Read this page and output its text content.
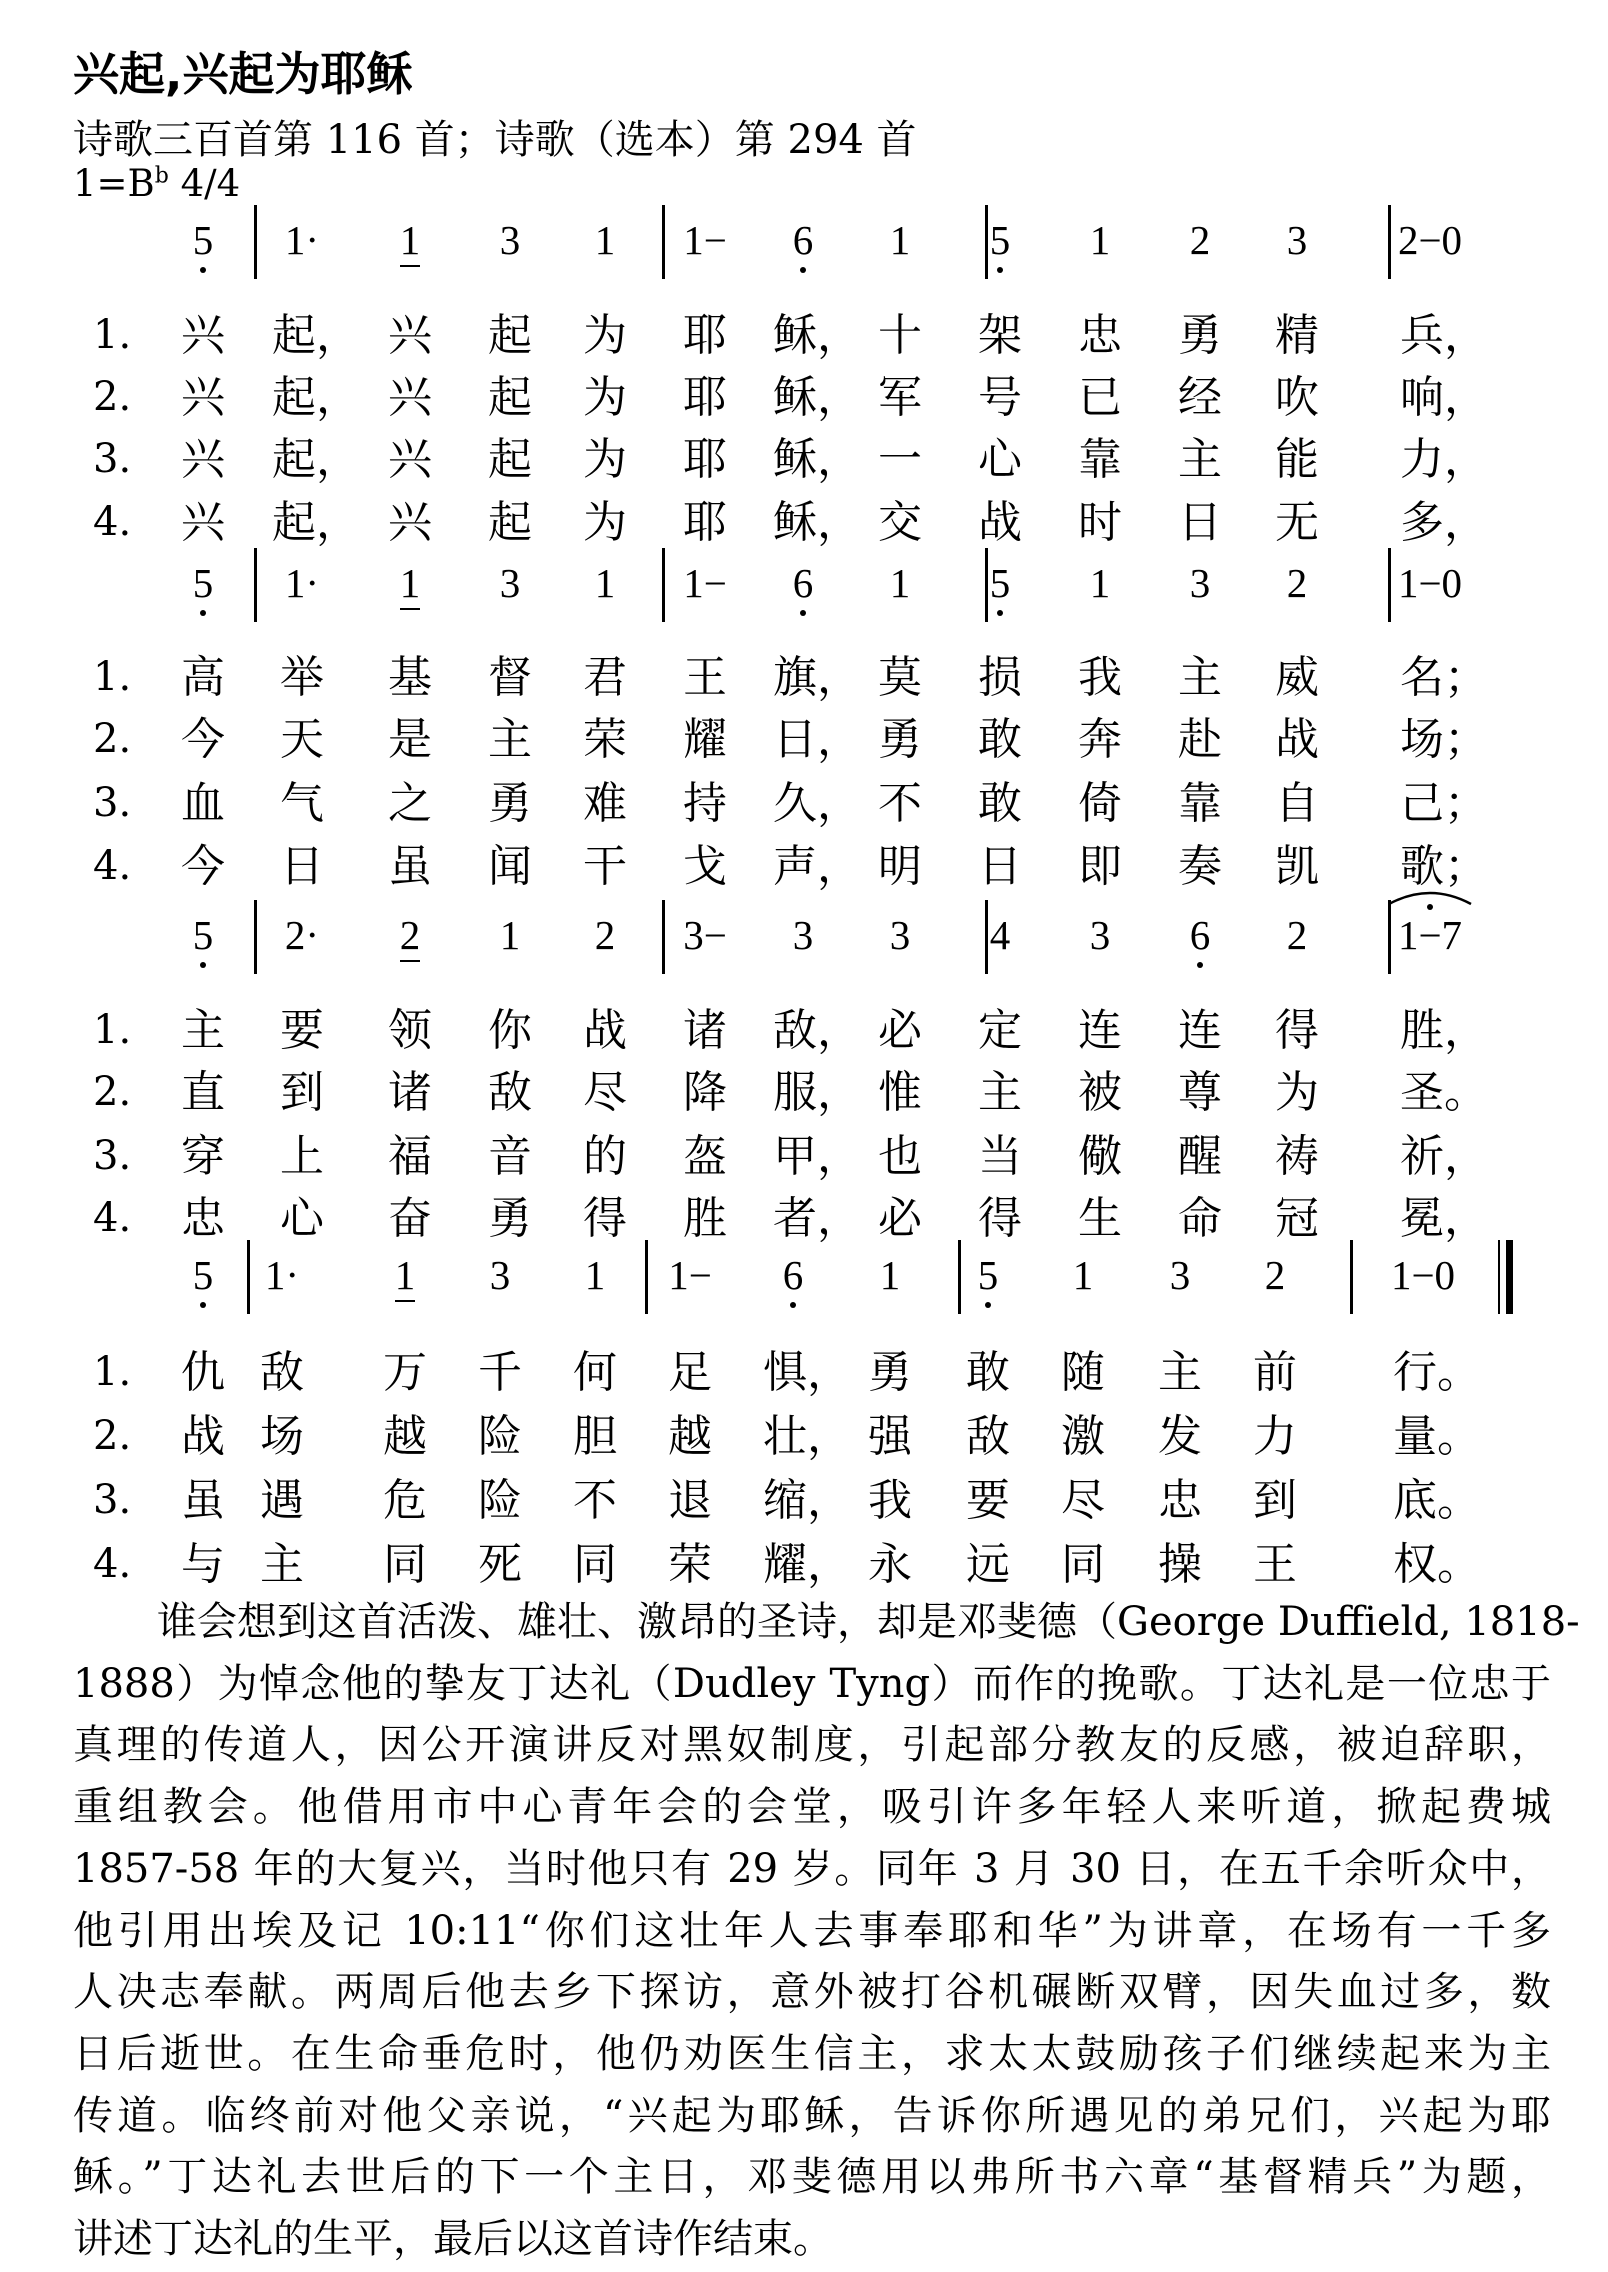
兴起,兴起为耶稣
诗歌三百首第 116 首；诗歌（选本）第 294 首
$1=B^b$ 4/4
5	1·	1	3	1	1−	6	1	5	1	2	3	2−0
1.	兴 起， 兴 起 为 耶 稣， 十 架 忠 勇 精 兵，
2.	兴 起， 兴 起 为 耶 稣， 军 号 已 经 吹 响，
3.	兴 起， 兴 起 为 耶 稣， 一 心 靠 主 能 力，
4.	兴 起， 兴 起 为 耶 稣， 交 战 时 日 无 多，
5	1·	1	3	1	1−	6	1	5	1	3	2	1−0
1.	高 举 基 督 君 王 旗， 莫 损 我 主 威 名；
2.	今 天 是 主 荣 耀 日， 勇 敢 奔 赴 战 场；
3.	血 气 之 勇 难 持 久， 不 敢 倚 靠 自 己；
4.	今 日 虽 闻 干 戈 声， 明 日 即 奏 凯 歌；
5	2·	2	1	2	3−	3	3	4	3	6	2	1−7
1.	主 要 领 你 战 诸 敌， 必 定 连 连 得 胜，
2.	直 到 诸 敌 尽 降 服， 惟 主 被 尊 为 圣。
3.	穿 上 福 音 的 盔 甲， 也 当 儆 醒 祷 祈，
4.	忠 心 奋 勇 得 胜 者， 必 得 生 命 冠 冕，
5	1·	1	3	1	1−	6	1	5	1	3	2	1−0
1.	仇 敌 万 千 何 足 惧， 勇 敢 随 主 前 行。
2.	战 场 越 险 胆 越 壮， 强 敌 激 发 力 量。
3.	虽 遇 危 险 不 退 缩， 我 要 尽 忠 到 底。
4.	与 主 同 死 同 荣 耀， 永 远 同 操 王 权。
谁会想到这首活泼、雄壮、激昂的圣诗，却是邓斐德（George Duffield, 1818-
1888）为悼念他的挚友丁达礼（Dudley Tyng）而作的挽歌。丁达礼是一位忠于
真理的传道人，因公开演讲反对黑奴制度，引起部分教友的反感，被迫辞职，
重组教会。他借用市中心青年会的会堂，吸引许多年轻人来听道，掀起费城
1857-58 年的大复兴，当时他只有 29 岁。同年 3 月 30 日，在五千余听众中，
他引用出埃及记 10:11“你们这壮年人去事奉耶和华”为讲章，在场有一千多
人决志奉献。两周后他去乡下探访，意外被打谷机碾断双臂，因失血过多，数
日后逝世。在生命垂危时，他仍劝医生信主，求太太鼓励孩子们继续起来为主
传道。临终前对他父亲说，“兴起为耶稣，告诉你所遇见的弟兄们，兴起为耶
稣。”丁达礼去世后的下一个主日，邓斐德用以弗所书六章“基督精兵”为题，
讲述丁达礼的生平，最后以这首诗作结束。
